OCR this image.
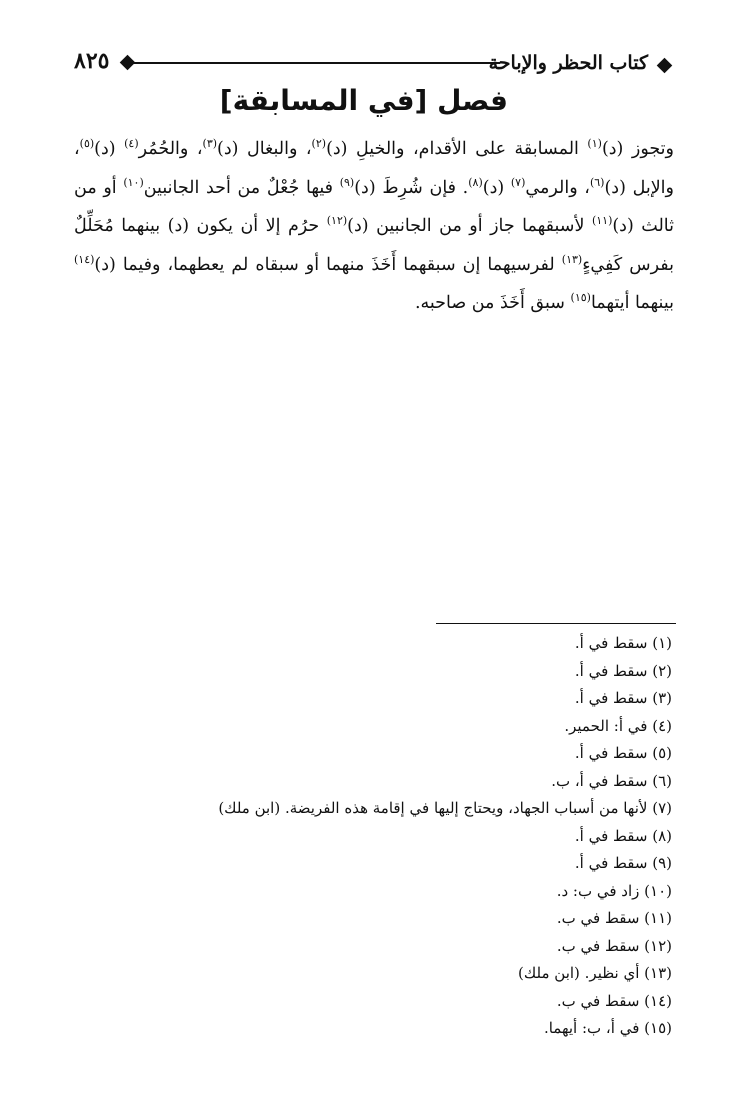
٨٢٥	كتاب الحظر والإباحة
فصل [في المسابقة]
وتجوز (د)$^{(١)}$ المسابقة على الأقدام، والخيلِ (د)$^{(٢)}$، والبغال (د)$^{(٣)}$، والحُمُر$^{(٤)}$ (د)$^{(٥)}$، والإبل (د)$^{(٦)}$، والرمي$^{(٧)}$ (د)$^{(٨)}$. فإن شُرِطَ (د)$^{(٩)}$ فيها جُعْلٌ من أحد الجانبين$^{(١٠)}$ أو من ثالث (د)$^{(١١)}$ لأسبقهما جاز أو من الجانبين (د)$^{(١٢)}$ حرُم إلا أن يكون (د) بينهما مُحَلِّلٌ بفرس كَفِيءٍ$^{(١٣)}$ لفرسيهما إن سبقهما أَخَذَ منهما أو سبقاه لم يعطهما، وفيما (د)$^{(١٤)}$ بينهما أيتهما$^{(١٥)}$ سبق أَخَذَ من صاحبه.
(١) سقط في أ.
(٢) سقط في أ.
(٣) سقط في أ.
(٤) في أ: الحمير.
(٥) سقط في أ.
(٦) سقط في أ، ب.
(٧) لأنها من أسباب الجهاد، ويحتاج إليها في إقامة هذه الفريضة. (ابن ملك)
(٨) سقط في أ.
(٩) سقط في أ.
(١٠) زاد في ب: د.
(١١) سقط في ب.
(١٢) سقط في ب.
(١٣) أي نظير. (ابن ملك)
(١٤) سقط في ب.
(١٥) في أ، ب: أيهما.
